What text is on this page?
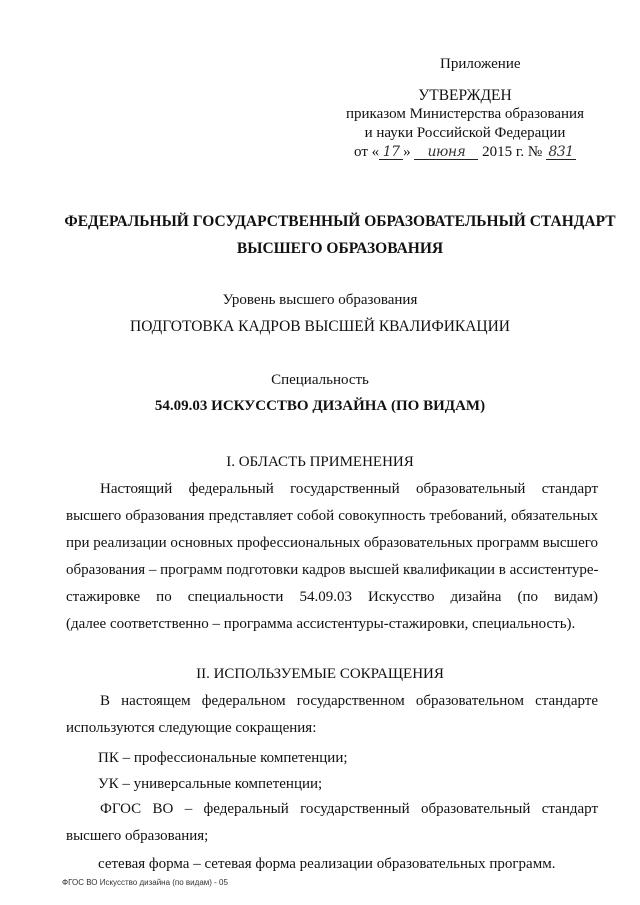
Приложение
УТВЕРЖДЕН
приказом Министерства образования
и науки Российской Федерации
от « 17 » июня 2015 г. № 831
ФЕДЕРАЛЬНЫЙ ГОСУДАРСТВЕННЫЙ ОБРАЗОВАТЕЛЬНЫЙ СТАНДАРТ
ВЫСШЕГО ОБРАЗОВАНИЯ
Уровень высшего образования
ПОДГОТОВКА КАДРОВ ВЫСШЕЙ КВАЛИФИКАЦИИ
Специальность
54.09.03 ИСКУССТВО ДИЗАЙНА (ПО ВИДАМ)
I. ОБЛАСТЬ ПРИМЕНЕНИЯ
Настоящий федеральный государственный образовательный стандарт
высшего образования представляет собой совокупность требований, обязательных
при реализации основных профессиональных образовательных программ высшего
образования – программ подготовки кадров высшей квалификации в ассистентуре-
стажировке по специальности 54.09.03 Искусство дизайна (по видам)
(далее соответственно – программа ассистентуры-стажировки, специальность).
II. ИСПОЛЬЗУЕМЫЕ СОКРАЩЕНИЯ
В настоящем федеральном государственном образовательном стандарте
используются следующие сокращения:
ПК – профессиональные компетенции;
УК – универсальные компетенции;
ФГОС ВО – федеральный государственный образовательный стандарт
высшего образования;
сетевая форма – сетевая форма реализации образовательных программ.
ФГОС ВО Искусство дизайна (по видам) - 05
